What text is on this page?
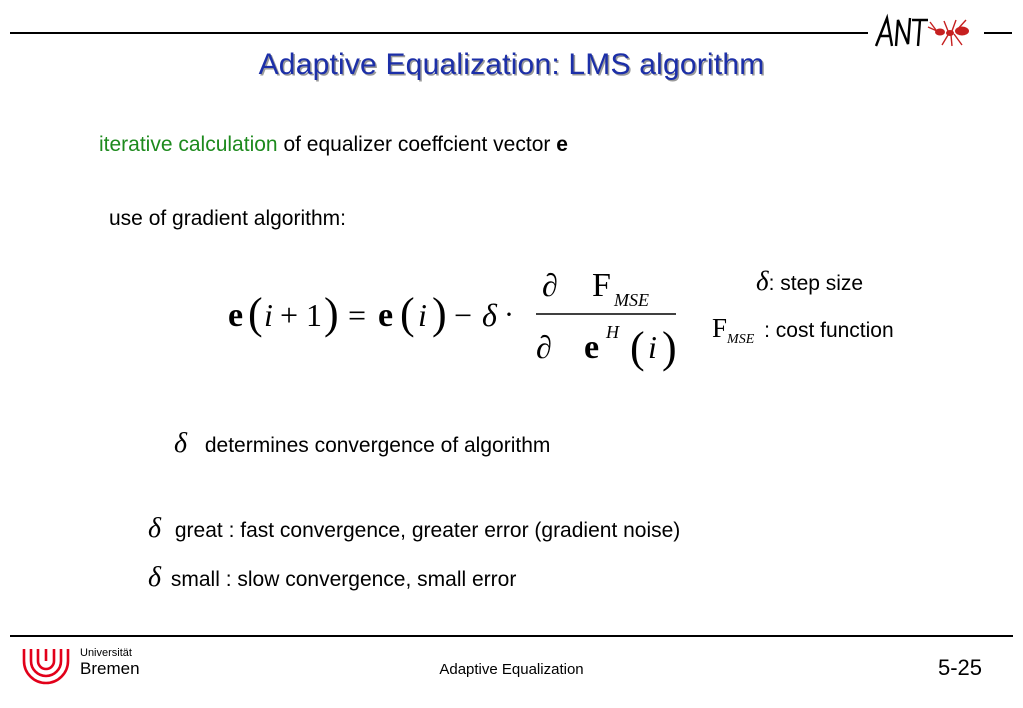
Adaptive Equalization: LMS algorithm
iterative calculation of equalizer coeffcient vector e
use of gradient algorithm:
e ( i + 1 ) = e ( i ) − δ ·
∂ F MSE
∂ e H ( i )
δ: step size
$F_{MSE}$ : cost function
δ determines convergence of algorithm
δ great : fast convergence, greater error (gradient noise)
δ small : slow convergence, small error
Universität
Bremen	Adaptive Equalization	5-25
